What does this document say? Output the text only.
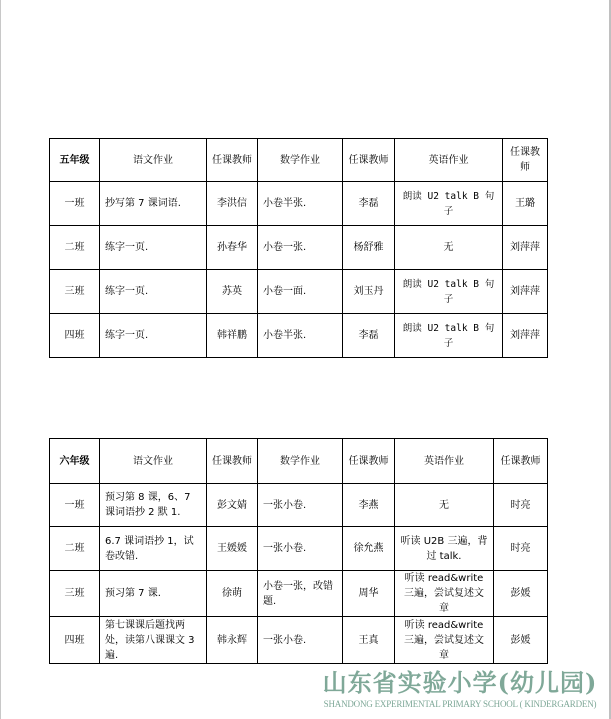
五年级	语文作业	任课教师	数学作业	任课教师	英语作业	任课教师
一班	抄写第 7 课词语.	李洪信	小卷半张.	李磊	朗读 U2 talk B 句子	王璐
二班	练字一页.	孙春华	小卷一张.	杨舒雅	无	刘萍萍
三班	练字一页.	苏英	小卷一面.	刘玉丹	朗读 U2 talk B 句子	刘萍萍
四班	练字一页.	韩祥鹏	小卷半张.	李磊	朗读 U2 talk B 句子	刘萍萍
六年级	语文作业	任课教师	数学作业	任课教师	英语作业	任课教师
一班	预习第 8 课，6、7 课词语抄 2 默 1.	彭文婧	一张小卷.	李燕	无	时亮
二班	6.7 课词语抄 1，试卷改错.	王媛媛	一张小卷.	徐允燕	听读 U2B 三遍，背过 talk.	时亮
三班	预习第 7 课.	徐萌	小卷一张，改错题.	周华	听读 read&write 三遍，尝试复述文章	彭媛
四班	第七课课后题找两处，读第八课课文 3 遍.	韩永辉	一张小卷.	王真	听读 read&write 三遍，尝试复述文章	彭媛
山东省实验小学(幼儿园)
SHANDONG EXPERIMENTAL PRIMARY SCHOOL ( KINDERGARDEN)
